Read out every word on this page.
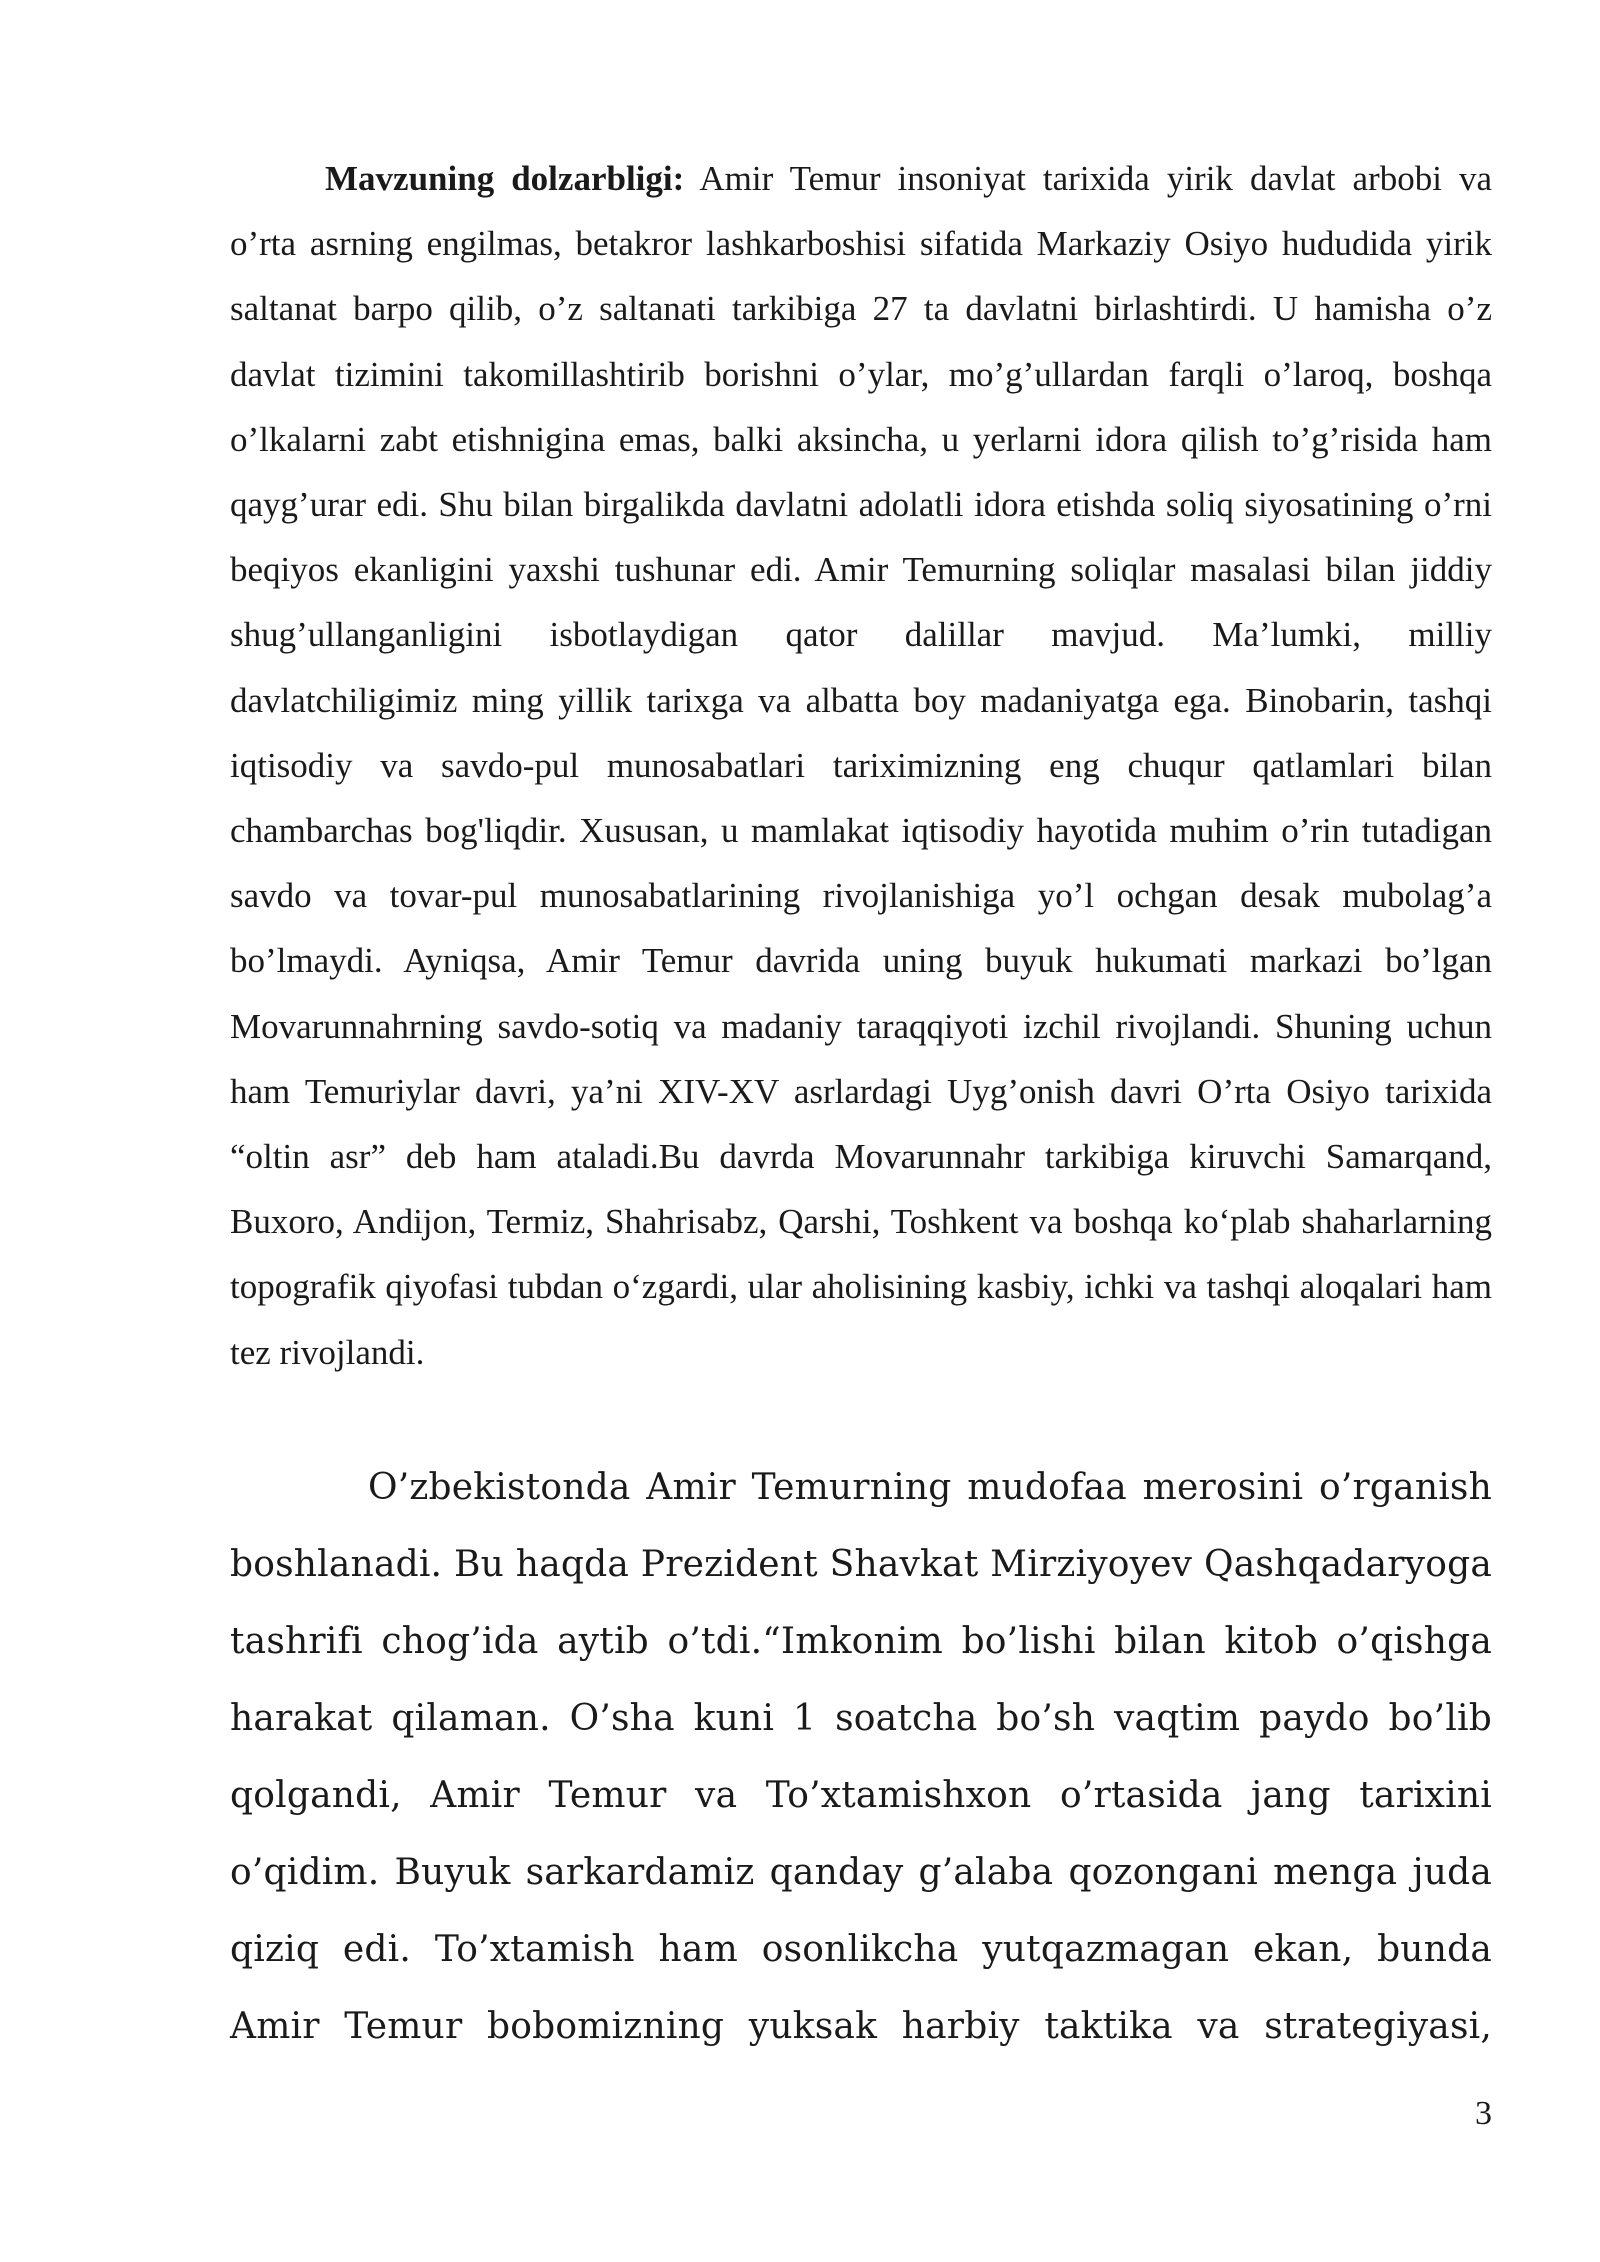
Mavzuning dolzarbligi: Amir Temur insoniyat tarixida yirik davlat arbobi va o’rta asrning engilmas, betakror lashkarboshisi sifatida Markaziy Osiyo hududida yirik saltanat barpo qilib, o’z saltanati tarkibiga 27 ta davlatni birlashtirdi. U hamisha o’z davlat tizimini takomillashtirib borishni o’ylar, mo’g’ullardan farqli o’laroq, boshqa o’lkalarni zabt etishnigina emas, balki aksincha, u yerlarni idora qilish to’g’risida ham qayg’urar edi. Shu bilan birgalikda davlatni adolatli idora etishda soliq siyosatining o’rni beqiyos ekanligini yaxshi tushunar edi. Amir Temurning soliqlar masalasi bilan jiddiy shug’ullanganligini isbotlaydigan qator dalillar mavjud. Ma’lumki, milliy davlatchiligimiz ming yillik tarixga va albatta boy madaniyatga ega. Binobarin, tashqi iqtisodiy va savdo-pul munosabatlari tariximizning eng chuqur qatlamlari bilan chambarchas bog'liqdir. Xususan, u mamlakat iqtisodiy hayotida muhim o’rin tutadigan savdo va tovar-pul munosabatlarining rivojlanishiga yo’l ochgan desak mubolag’a bo’lmaydi. Ayniqsa, Amir Temur davrida uning buyuk hukumati markazi bo’lgan Movarunnahrning savdo-sotiq va madaniy taraqqiyoti izchil rivojlandi. Shuning uchun ham Temuriylar davri, ya’ni XIV-XV asrlardagi Uyg’onish davri O’rta Osiyo tarixida “oltin asr” deb ham ataladi.Bu davrda Movarunnahr tarkibiga kiruvchi Samarqand, Buxoro, Andijon, Termiz, Shahrisabz, Qarshi, Toshkent va boshqa ko‘plab shaharlarning topografik qiyofasi tubdan o‘zgardi, ular aholisining kasbiy, ichki va tashqi aloqalari ham tez rivojlandi.

O’zbekistonda Amir Temurning mudofaa merosini o’rganish boshlanadi. Bu haqda Prezident Shavkat Mirziyoyev Qashqadaryoga tashrifi chog’ida aytib o’tdi.“Imkonim bo’lishi bilan kitob o’qishga harakat qilaman. O’sha kuni 1 soatcha bo’sh vaqtim paydo bo’lib qolgandi, Amir Temur va To’xtamishxon o’rtasida jang tarixini o’qidim. Buyuk sarkardamiz qanday g’alaba qozongani menga juda qiziq edi. To’xtamish ham osonlikcha yutqazmagan ekan, bunda Amir Temur bobomizning yuksak harbiy taktika va strategiyasi,

3
